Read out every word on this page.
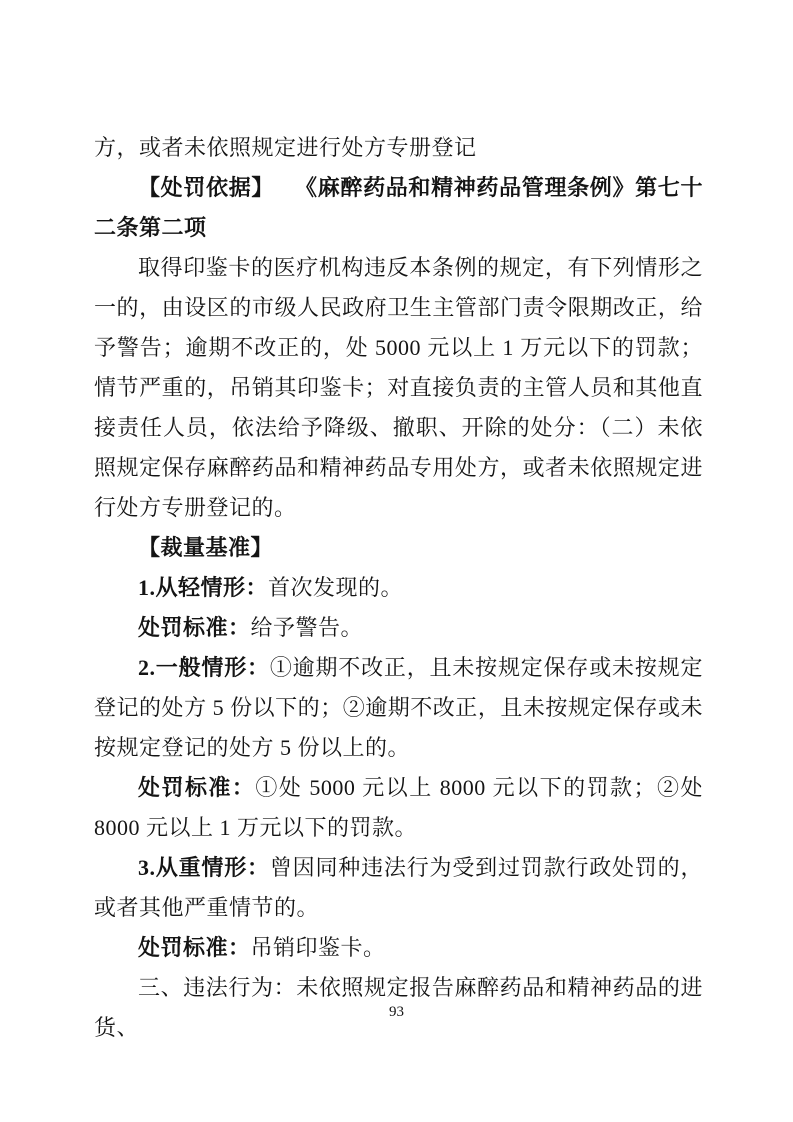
方，或者未依照规定进行处方专册登记

【处罚依据】 《麻醉药品和精神药品管理条例》第七十二条第二项

取得印鉴卡的医疗机构违反本条例的规定，有下列情形之一的，由设区的市级人民政府卫生主管部门责令限期改正，给予警告；逾期不改正的，处 5000 元以上 1 万元以下的罚款；情节严重的，吊销其印鉴卡；对直接负责的主管人员和其他直接责任人员，依法给予降级、撤职、开除的处分：（二）未依照规定保存麻醉药品和精神药品专用处方，或者未依照规定进行处方专册登记的。

【裁量基准】

1.从轻情形：首次发现的。

处罚标准：给予警告。

2.一般情形：①逾期不改正，且未按规定保存或未按规定登记的处方 5 份以下的；②逾期不改正，且未按规定保存或未按规定登记的处方 5 份以上的。

处罚标准：①处 5000 元以上 8000 元以下的罚款；②处 8000 元以上 1 万元以下的罚款。

3.从重情形：曾因同种违法行为受到过罚款行政处罚的，或者其他严重情节的。

处罚标准：吊销印鉴卡。

三、违法行为：未依照规定报告麻醉药品和精神药品的进货、

93
